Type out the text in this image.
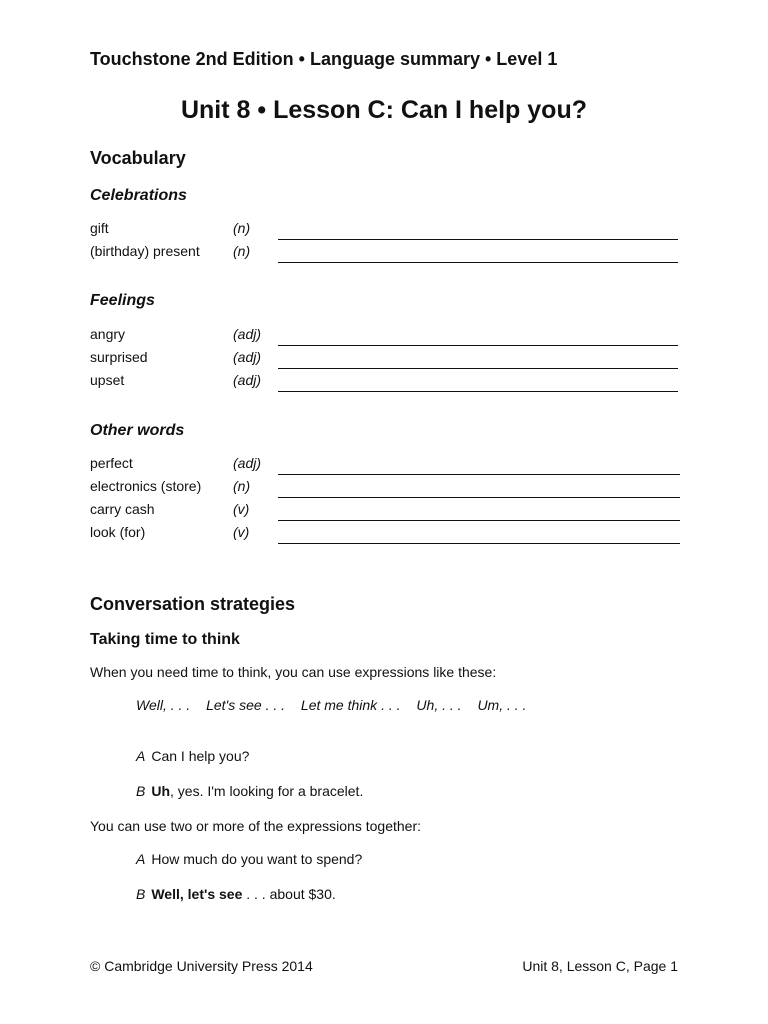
Touchstone 2nd Edition • Language summary • Level 1
Unit 8 • Lesson C: Can I help you?
Vocabulary
Celebrations
gift	(n)
(birthday) present (n)
Feelings
angry	(adj)
surprised	(adj)
upset	(adj)
Other words
perfect	(adj)
electronics (store) (n)
carry cash	(v)
look (for)	(v)
Conversation strategies
Taking time to think
When you need time to think, you can use expressions like these:
Well, . . . Let's see . . . Let me think . . . Uh, . . . Um, . . .
A Can I help you?
B Uh, yes. I'm looking for a bracelet.
You can use two or more of the expressions together:
A How much do you want to spend?
B Well, let's see . . . about $30.
© Cambridge University Press 2014	Unit 8, Lesson C, Page 1
